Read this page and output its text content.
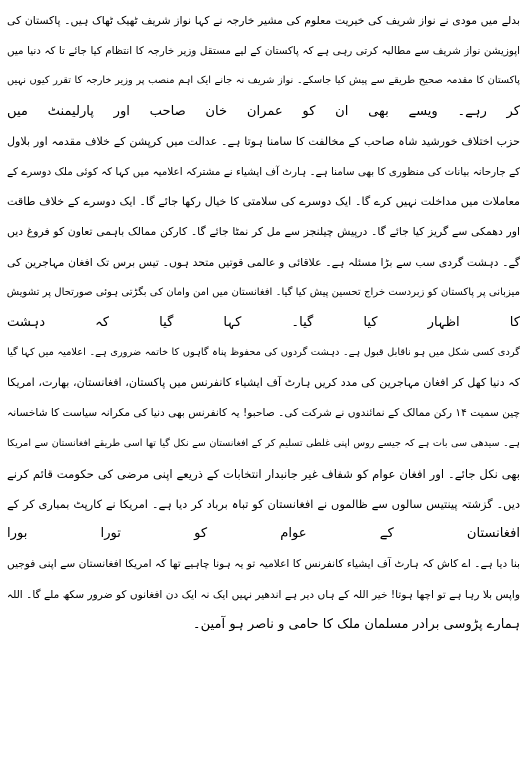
بدلے میں مودی نے نواز شریف کی خیریت معلوم کی مشیر خارجہ نے کہا نواز شریف ٹھیک ٹھاک ہیں۔ پاکستان کی
اپوزیشن نواز شریف سے مطالبہ کرتی رہی ہے کہ پاکستان کے لیے مستقل وزیر خارجہ کا انتظام کیا جائے تا کہ دنیا میں
پاکستان کا مقدمہ صحیح طریقے سے پیش کیا جاسکے۔ نواز شریف نہ جانے ایک اہم منصب پر وزیر خارجہ کا تقرر کیوں نہیں
کر رہے۔ ویسے بھی ان کو عمران خان صاحب اور پارلیمنٹ میں
حزب اختلاف خورشید شاہ صاحب کے مخالفت کا سامنا ہوتا ہے۔ عدالت میں کرپشن کے خلاف مقدمہ اور بلاول
کے جارحانہ بیانات کی منظوری کا بھی سامنا ہے۔ ہارٹ آف ایشیاء نے مشترکہ اعلامیہ میں کہا کہ کوئی ملک دوسرے کے
معاملات میں مداخلت نہیں کرے گا۔ ایک دوسرے کی سلامتی کا خیال رکھا جائے گا۔ ایک دوسرے کے خلاف طاقت
اور دھمکی سے گریز کیا جائے گا۔ درپیش چیلنجز سے مل کر نمٹا جائے گا۔ کارکن ممالک باہمی تعاون کو فروغ دیں
گے۔ دہشت گردی سب سے بڑا مسئلہ ہے۔ علاقائی و عالمی قوتیں متحد ہوں۔ تیس برس تک افغان مہاجرین کی
میزبانی پر پاکستان کو زبردست خراج تحسین پیش کیا گیا۔ افغانستان میں امن وامان کی بگڑتی ہوئی صورتحال پر تشویش
کا اظہار کیا گیا۔ کہا گیا کہ دہشت
گردی کسی شکل میں ہو ناقابل قبول ہے۔ دہشت گردوں کی محفوظ پناہ گاہوں کا خاتمہ ضروری ہے۔ اعلامیہ میں کہا گیا
کہ دنیا کھل کر افغان مہاجرین کی مدد کریں ہارٹ آف ایشیاء کانفرنس میں پاکستان، افغانستان، بھارت، امریکا
چین سمیت ۱۴ رکن ممالک کے نمائندوں نے شرکت کی۔ صاحبو! یہ کانفرنس بھی دنیا کی مکرانہ سیاست کا شاخسانہ
ہے۔ سیدھی سی بات ہے کہ جیسے روس اپنی غلطی تسلیم کر کے افغانستان سے نکل گیا تھا اسی طریقے افغانستان سے امریکا
بھی نکل جائے۔ اور افغان عوام کو شفاف غیر جانبدار انتخابات کے ذریعے اپنی مرضی کی حکومت قائم کرنے
دیں۔ گزشتہ پینتیس سالوں سے ظالموں نے افغانستان کو تباہ برباد کر دیا ہے۔ امریکا نے کارپٹ بمباری کر کے
افغانستان کے عوام کو تورا بورا
بنا دیا ہے۔ اے کاش کہ ہارٹ آف ایشیاء کانفرنس کا اعلامیہ تو یہ ہونا چاہیے تھا کہ امریکا افغانستان سے اپنی فوجیں
واپس بلا رہا ہے تو اچھا ہوتا! خیر اللہ کے ہاں دیر ہے اندھیر نہیں ایک نہ ایک دن افغانوں کو ضرور سکھ ملے گا۔ اللہ
ہمارے پڑوسی برادر مسلمان ملک کا حامی و ناصر ہو آمین۔
